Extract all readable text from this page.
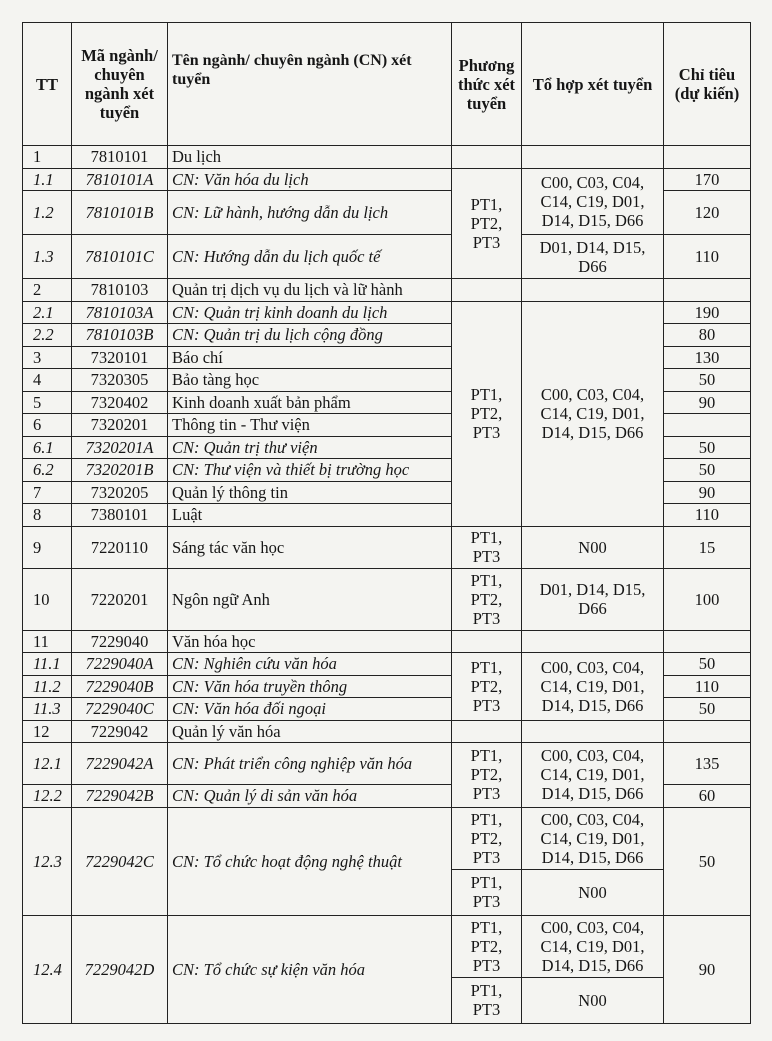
TT	Mã ngành/ chuyên ngành xét tuyển	Tên ngành/ chuyên ngành (CN) xét tuyển	Phương thức xét tuyển	Tổ hợp xét tuyển	Chỉ tiêu (dự kiến)
1	7810101	Du lịch			
1.1	7810101A	CN: Văn hóa du lịch	PT1, PT2, PT3	C00, C03, C04, C14, C19, D01, D14, D15, D66	170
1.2	7810101B	CN: Lữ hành, hướng dẫn du lịch			120
1.3	7810101C	CN: Hướng dẫn du lịch quốc tế		D01, D14, D15, D66	110
2	7810103	Quản trị dịch vụ du lịch và lữ hành			
2.1	7810103A	CN: Quản trị kinh doanh du lịch	PT1, PT2, PT3	C00, C03, C04, C14, C19, D01, D14, D15, D66	190
2.2	7810103B	CN: Quản trị du lịch cộng đồng			80
3	7320101	Báo chí			130
4	7320305	Bảo tàng học			50
5	7320402	Kinh doanh xuất bản phẩm			90
6	7320201	Thông tin - Thư viện			
6.1	7320201A	CN: Quản trị thư viện			50
6.2	7320201B	CN: Thư viện và thiết bị trường học			50
7	7320205	Quản lý thông tin			90
8	7380101	Luật			110
9	7220110	Sáng tác văn học	PT1, PT3	N00	15
10	7220201	Ngôn ngữ Anh	PT1, PT2, PT3	D01, D14, D15, D66	100
11	7229040	Văn hóa học			
11.1	7229040A	CN: Nghiên cứu văn hóa	PT1, PT2, PT3	C00, C03, C04, C14, C19, D01, D14, D15, D66	50
11.2	7229040B	CN: Văn hóa truyền thông			110
11.3	7229040C	CN: Văn hóa đối ngoại			50
12	7229042	Quản lý văn hóa			
12.1	7229042A	CN: Phát triển công nghiệp văn hóa	PT1, PT2, PT3	C00, C03, C04, C14, C19, D01, D14, D15, D66	135
12.2	7229042B	CN: Quản lý di sản văn hóa			60
12.3	7229042C	CN: Tổ chức hoạt động nghệ thuật	PT1, PT2, PT3	C00, C03, C04, C14, C19, D01, D14, D15, D66	50
			PT1, PT3	N00	
12.4	7229042D	CN: Tổ chức sự kiện văn hóa	PT1, PT2, PT3	C00, C03, C04, C14, C19, D01, D14, D15, D66	90
			PT1, PT3	N00	
